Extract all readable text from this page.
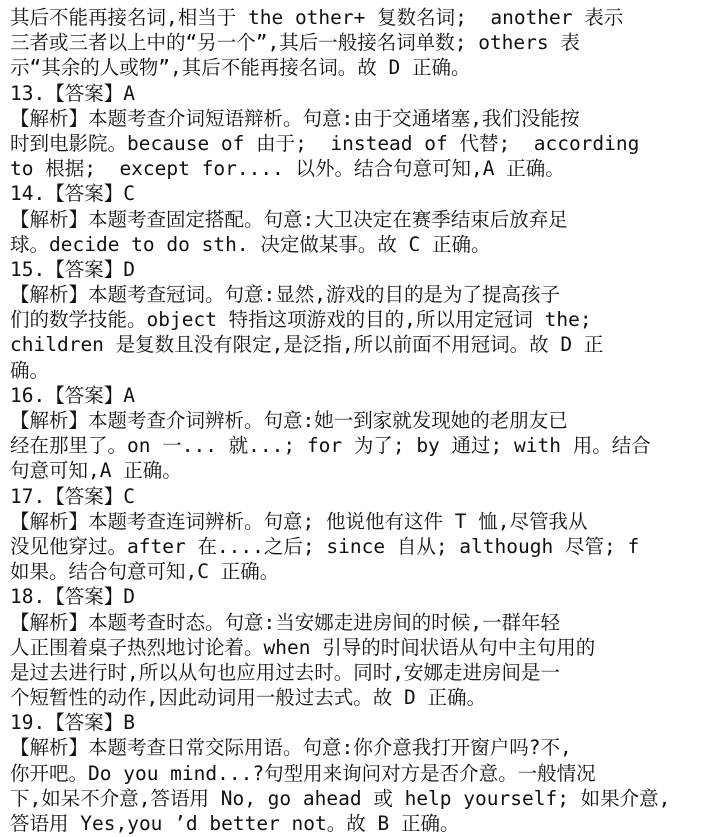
其后不能再接名词,相当于 the other+ 复数名词;  another 表示
三者或三者以上中的“另一个”,其后一般接名词单数; others 表
示“其余的人或物”,其后不能再接名词。故 D 正确。
13.【答案】A
【解析】本题考查介词短语辩析。句意:由于交通堵塞,我们没能按
时到电影院。because of 由于;  instead of 代替;  according
to 根据;  except for.... 以外。结合句意可知,A 正确。
14.【答案】C
【解析】本题考查固定搭配。句意:大卫决定在赛季结束后放弃足
球。decide to do sth. 决定做某事。故 C 正确。
15.【答案】D
【解析】本题考查冠词。句意:显然,游戏的目的是为了提高孩子
们的数学技能。object 特指这项游戏的目的,所以用定冠词 the;
children 是复数且没有限定,是泛指,所以前面不用冠词。故 D 正
确。
16.【答案】A
【解析】本题考查介词辨析。句意:她一到家就发现她的老朋友已
经在那里了。on 一... 就...; for 为了; by 通过; with 用。结合
句意可知,A 正确。
17.【答案】C
【解析】本题考查连词辨析。句意; 他说他有这件 T 恤,尽管我从
没见他穿过。after 在....之后; since 自从; although 尽管; f
如果。结合句意可知,C 正确。
18.【答案】D
【解析】本题考查时态。句意:当安娜走进房间的时候,一群年轻
人正围着桌子热烈地讨论着。when 引导的时间状语从句中主句用的
是过去进行时,所以从句也应用过去时。同时,安娜走进房间是一
个短暂性的动作,因此动词用一般过去式。故 D 正确。
19.【答案】B
【解析】本题考查日常交际用语。句意:你介意我打开窗户吗?不,
你开吧。Do you mind...?句型用来询问对方是否介意。一般情况
下,如呆不介意,答语用 No, go ahead 或 help yourself; 如果介意,
答语用 Yes,you ’d better not。故 B 正确。
